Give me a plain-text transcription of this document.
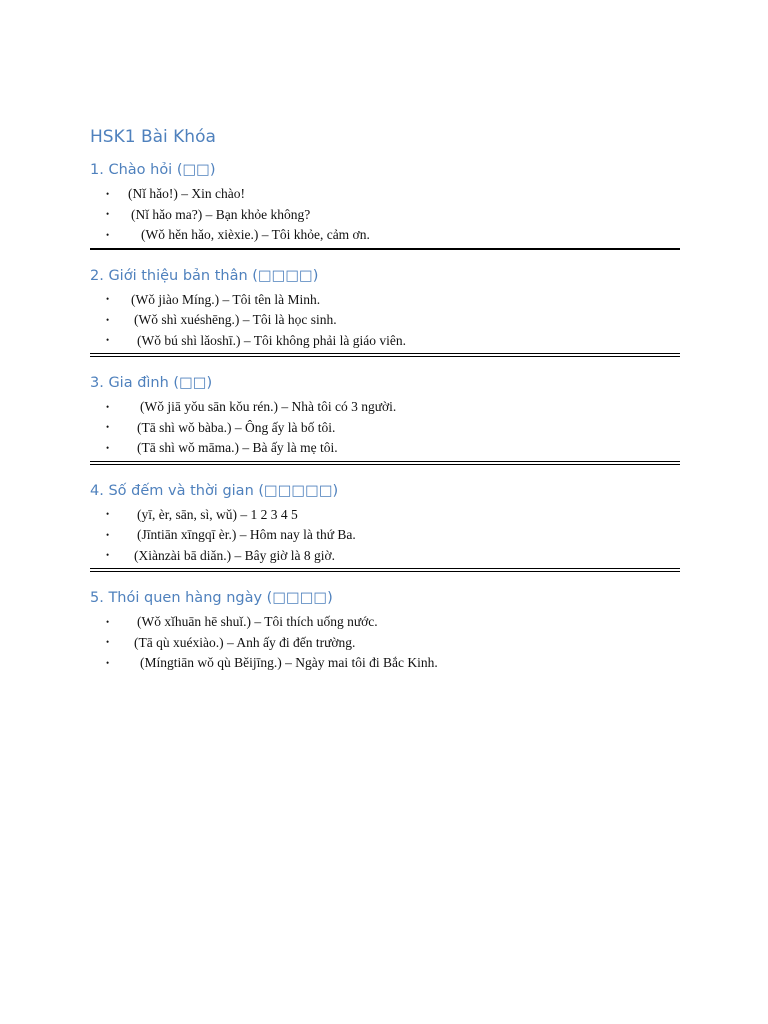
HSK1 Bài Khóa
1. Chào hỏi (□□)
• (Nǐ hǎo!) – Xin chào!
• (Nǐ hǎo ma?) – Bạn khỏe không?
• (Wǒ hěn hǎo, xièxie.) – Tôi khỏe, cảm ơn.
2. Giới thiệu bản thân (□□□□)
• (Wǒ jiào Míng.) – Tôi tên là Minh.
• (Wǒ shì xuéshēng.) – Tôi là học sinh.
• (Wǒ bú shì lǎoshī.) – Tôi không phải là giáo viên.
3. Gia đình (□□)
• (Wǒ jiā yǒu sān kǒu rén.) – Nhà tôi có 3 người.
• (Tā shì wǒ bàba.) – Ông ấy là bố tôi.
• (Tā shì wǒ māma.) – Bà ấy là mẹ tôi.
4. Số đếm và thời gian (□□□□□)
• (yī, èr, sān, sì, wǔ) – 1 2 3 4 5
• (Jīntiān xīngqī èr.) – Hôm nay là thứ Ba.
• (Xiànzài bā diǎn.) – Bây giờ là 8 giờ.
5. Thói quen hàng ngày (□□□□)
• (Wǒ xǐhuān hē shuǐ.) – Tôi thích uống nước.
• (Tā qù xuéxiào.) – Anh ấy đi đến trường.
• (Míngtiān wǒ qù Běijīng.) – Ngày mai tôi đi Bắc Kinh.
